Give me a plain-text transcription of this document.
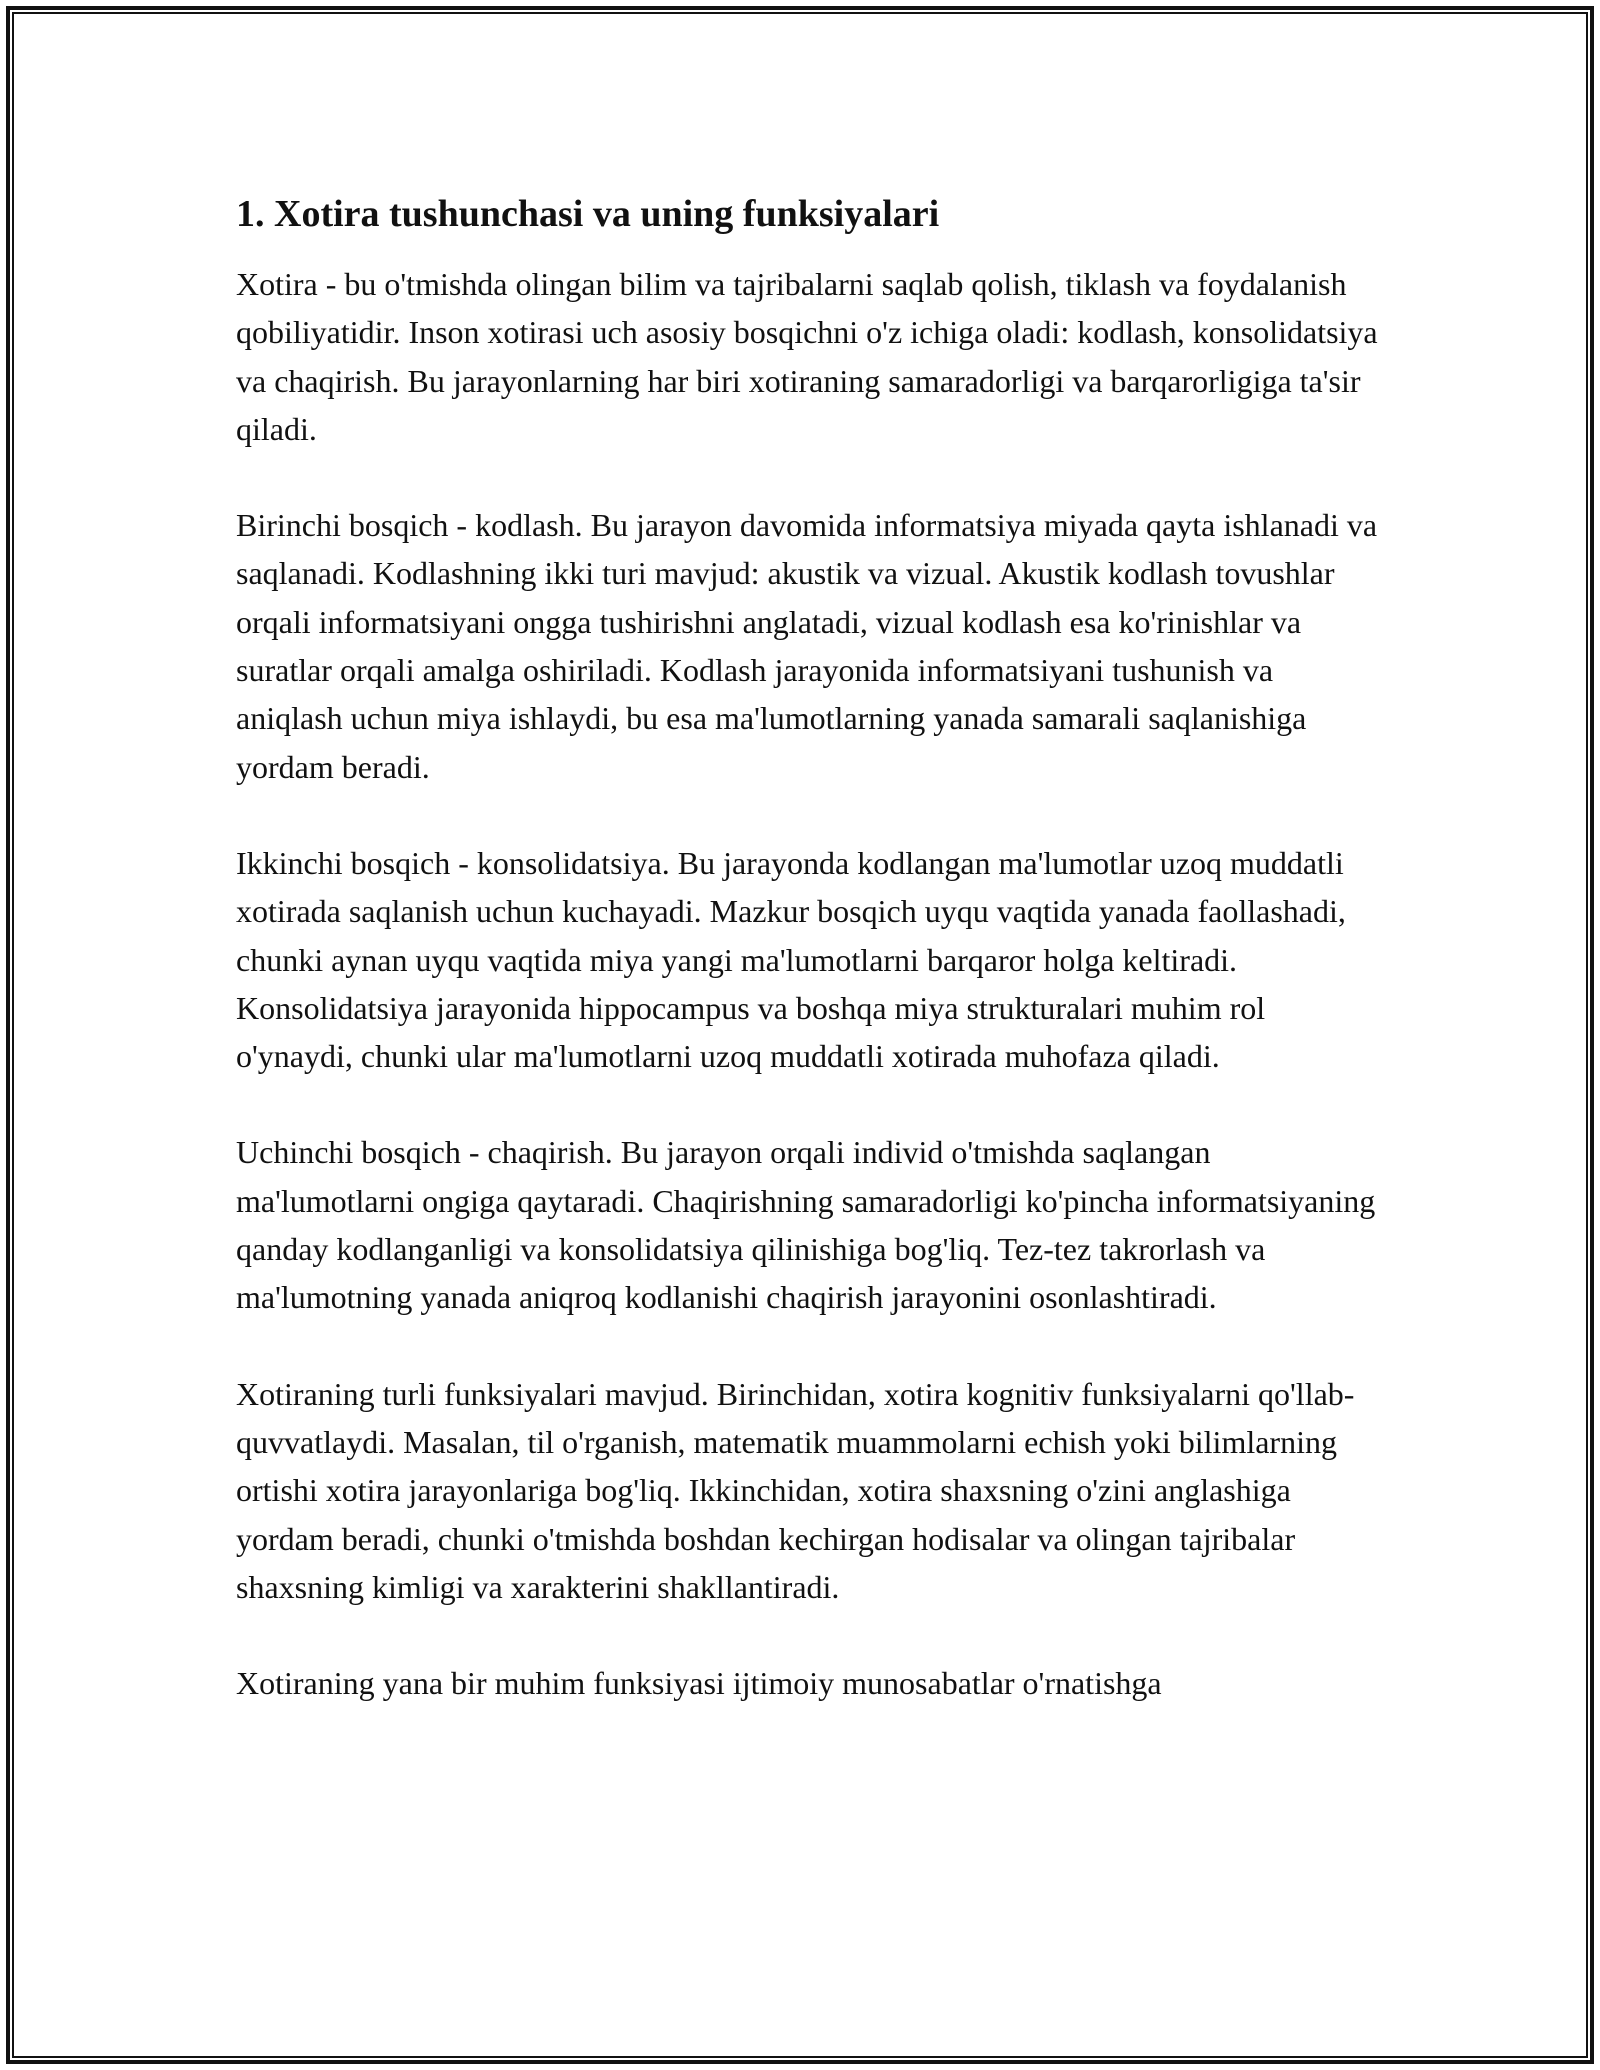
1. Xotira tushunchasi va uning funksiyalari

Xotira - bu o'tmishda olingan bilim va tajribalarni saqlab qolish, tiklash va foydalanish qobiliyatidir. Inson xotirasi uch asosiy bosqichni o'z ichiga oladi: kodlash, konsolidatsiya va chaqirish. Bu jarayonlarning har biri xotiraning samaradorligi va barqarorligiga ta'sir qiladi.

Birinchi bosqich - kodlash. Bu jarayon davomida informatsiya miyada qayta ishlanadi va saqlanadi. Kodlashning ikki turi mavjud: akustik va vizual. Akustik kodlash tovushlar orqali informatsiyani ongga tushirishni anglatadi, vizual kodlash esa ko'rinishlar va suratlar orqali amalga oshiriladi. Kodlash jarayonida informatsiyani tushunish va aniqlash uchun miya ishlaydi, bu esa ma'lumotlarning yanada samarali saqlanishiga yordam beradi.

Ikkinchi bosqich - konsolidatsiya. Bu jarayonda kodlangan ma'lumotlar uzoq muddatli xotirada saqlanish uchun kuchayadi. Mazkur bosqich uyqu vaqtida yanada faollashadi, chunki aynan uyqu vaqtida miya yangi ma'lumotlarni barqaror holga keltiradi. Konsolidatsiya jarayonida hippocampus va boshqa miya strukturalari muhim rol o'ynaydi, chunki ular ma'lumotlarni uzoq muddatli xotirada muhofaza qiladi.

Uchinchi bosqich - chaqirish. Bu jarayon orqali individ o'tmishda saqlangan ma'lumotlarni ongiga qaytaradi. Chaqirishning samaradorligi ko'pincha informatsiyaning qanday kodlanganligi va konsolidatsiya qilinishiga bog'liq. Tez-tez takrorlash va ma'lumotning yanada aniqroq kodlanishi chaqirish jarayonini osonlashtiradi.

Xotiraning turli funksiyalari mavjud. Birinchidan, xotira kognitiv funksiyalarni qo'llab-quvvatlaydi. Masalan, til o'rganish, matematik muammolarni echish yoki bilimlarning ortishi xotira jarayonlariga bog'liq. Ikkinchidan, xotira shaxsning o'zini anglashiga yordam beradi, chunki o'tmishda boshdan kechirgan hodisalar va olingan tajribalar shaxsning kimligi va xarakterini shakllantiradi.

Xotiraning yana bir muhim funksiyasi ijtimoiy munosabatlar o'rnatishga
